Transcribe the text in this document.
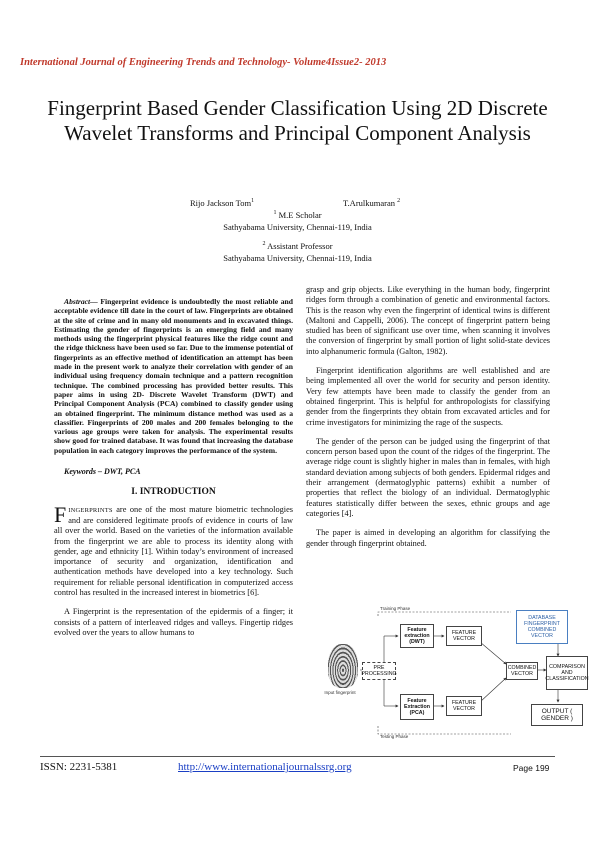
International Journal of Engineering Trends and Technology- Volume4Issue2- 2013
Fingerprint Based Gender Classification Using 2D Discrete Wavelet Transforms and Principal Component Analysis
Rijo Jackson Tom$^1$	T.Arulkumaran $^2$
$^1$ M.E Scholar
Sathyabama University, Chennai-119, India
$^2$ Assistant Professor
Sathyabama University, Chennai-119, India
Abstract— Fingerprint evidence is undoubtedly the most reliable and acceptable evidence till date in the court of law. Fingerprints are obtained at the site of crime and in many old monuments and in excavated things. Estimating the gender of fingerprints is an emerging field and many methods using the fingerprint physical features like the ridge count and the ridge thickness have been used so far. Due to the immense potential of fingerprints as an effective method of identification an attempt has been made in the present work to analyze their correlation with gender of an individual using frequency domain technique and a pattern recognition technique. The combined processing has provided better results. This paper aims in using 2D- Discrete Wavelet Transform (DWT) and Principal Component Analysis (PCA) combined to classify gender using an obtained fingerprint. The minimum distance method was used as a classifier. Fingerprints of 200 males and 200 females belonging to the various age groups were taken for analysis. The experimental results show good for trained database. It was found that increasing the database population in each category improves the performance of the system.
Keywords – DWT, PCA
I. INTRODUCTION

FINGERPRINTS are one of the most mature biometric technologies and are considered legitimate proofs of evidence in courts of law all over the world. Based on the varieties of the information available from the fingerprint we are able to process its identity along with gender, age and ethnicity [1]. Within today’s environment of increased importance of security and organization, identification and authentication methods have developed into a key technology. Such requirement for reliable personal identification in computerized access control has resulted in the increased interest in biometrics [6].

A Fingerprint is the representation of the epidermis of a finger; it consists of a pattern of interleaved ridges and valleys. Fingertip ridges evolved over the years to allow humans to

grasp and grip objects. Like everything in the human body, fingerprint ridges form through a combination of genetic and environmental factors. This is the reason why even the fingerprint of identical twins is different (Maltoni and Cappelli, 2006). The concept of fingerprint pattern being studied has been of significant use over time, when scanning it involves the conversion of fingerprint by small portion of light solid-state devices into alphanumeric formula (Galton, 1982).

Fingerprint identification algorithms are well established and are being implemented all over the world for security and person identity. Very few attempts have been made to classify the gender from an obtained fingerprint. This is helpful for anthropologists for classifying gender from the fingerprints they obtain from excavated articles and for crime investigators for minimizing the rage of the suspects.

The gender of the person can be judged using the fingerprint of that concern person based upon the count of the ridges of the fingerprint. The average ridge count is slightly higher in males than in females, with high standard deviation among subjects of both genders. Epidermal ridges and their arrangement (dermatoglyphic patterns) exhibit a number of properties that reflect the biology of an individual. Dermatoglyphic features statistically differ between the sexes, ethnic groups and age categories [4].

The paper is aimed in developing an algorithm for classifying the gender through fingerprint obtained.

Training Phase
Testing Phase
Input fingerprint
PRE PROCESSING
Feature extraction (DWT)
Feature Extraction (PCA)
FEATURE VECTOR
FEATURE VECTOR
COMBINED VECTOR
DATABASE FINGERPRINT COMBINED VECTOR
COMPARISON AND CLASSIFICATION
OUTPUT ( GENDER )
ISSN: 2231-5381	http://www.internationaljournalssrg.org	Page 199
